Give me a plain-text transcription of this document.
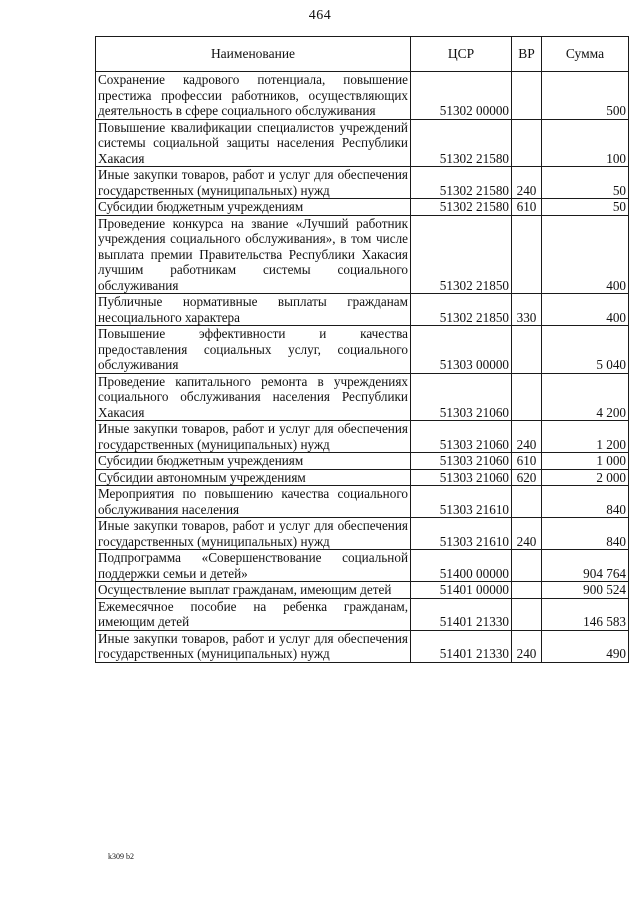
464
Наименование	ЦСР	ВР	Сумма
Сохранение кадрового потенциала, повышение престижа профессии работников, осуществляющих деятельность в сфере социального обслуживания	51302 00000		500
Повышение квалификации специалистов учреждений системы социальной защиты населения Республики Хакасия	51302 21580		100
Иные закупки товаров, работ и услуг для обеспечения государственных (муниципальных) нужд	51302 21580	240	50
Субсидии бюджетным учреждениям	51302 21580	610	50
Проведение конкурса на звание «Лучший работник учреждения социального обслуживания», в том числе выплата премии Правительства Республики Хакасия лучшим работникам системы социального обслуживания	51302 21850		400
Публичные нормативные выплаты гражданам несоциального характера	51302 21850	330	400
Повышение эффективности и качества предоставления социальных услуг, социального обслуживания	51303 00000		5 040
Проведение капитального ремонта в учреждениях социального обслуживания населения Республики Хакасия	51303 21060		4 200
Иные закупки товаров, работ и услуг для обеспечения государственных (муниципальных) нужд	51303 21060	240	1 200
Субсидии бюджетным учреждениям	51303 21060	610	1 000
Субсидии автономным учреждениям	51303 21060	620	2 000
Мероприятия по повышению качества социального обслуживания населения	51303 21610		840
Иные закупки товаров, работ и услуг для обеспечения государственных (муниципальных) нужд	51303 21610	240	840
Подпрограмма «Совершенствование социальной поддержки семьи и детей»	51400 00000		904 764
Осуществление выплат гражданам, имеющим детей	51401 00000		900 524
Ежемесячное пособие на ребенка гражданам, имеющим детей	51401 21330		146 583
Иные закупки товаров, работ и услуг для обеспечения государственных (муниципальных) нужд	51401 21330	240	490
k309 b2
